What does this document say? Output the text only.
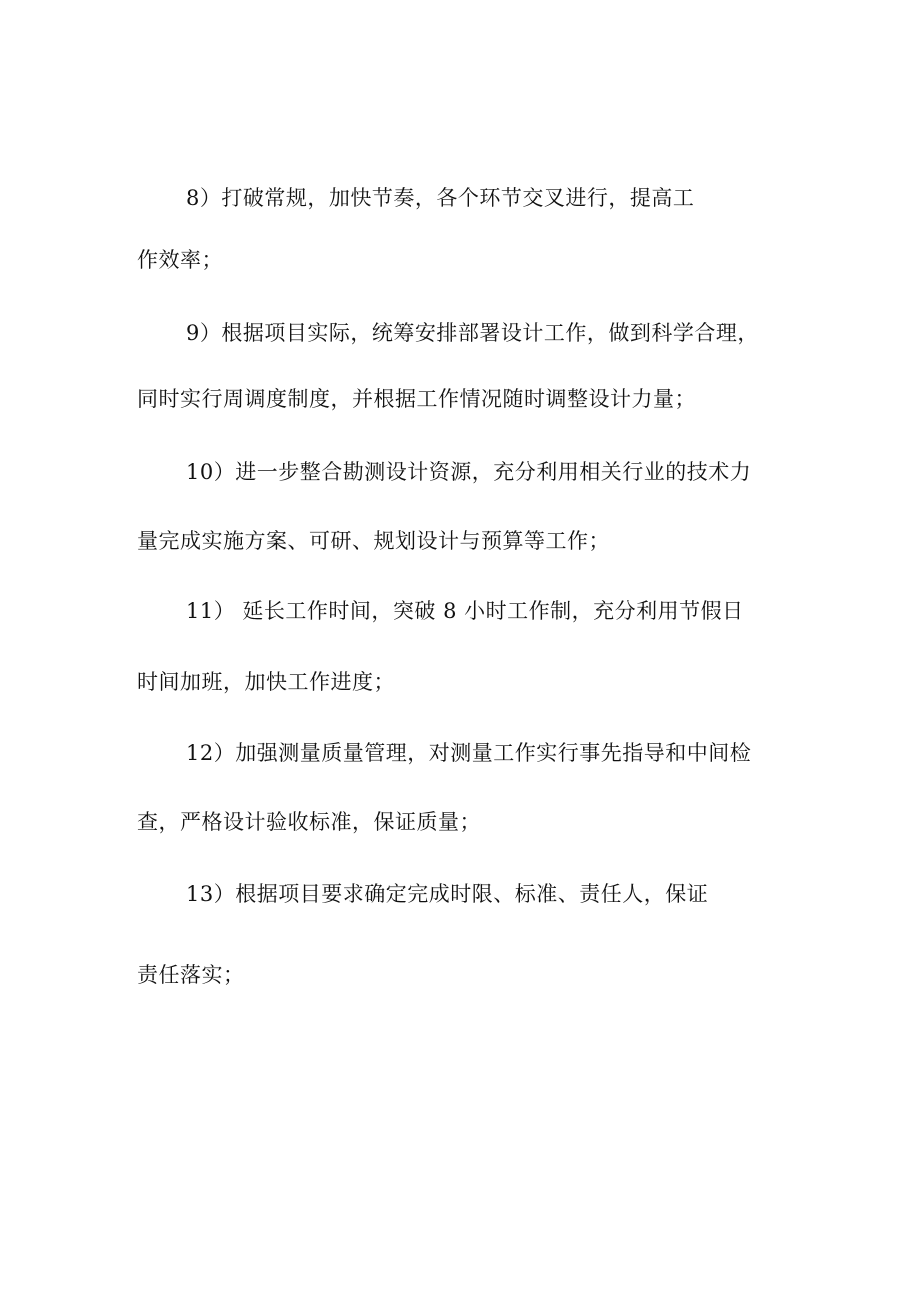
8）打破常规，加快节奏，各个环节交叉进行，提高工
作效率；
9）根据项目实际，统筹安排部署设计工作，做到科学合理，
同时实行周调度制度，并根据工作情况随时调整设计力量；
10）进一步整合勘测设计资源，充分利用相关行业的技术力
量完成实施方案、可研、规划设计与预算等工作；
11） 延长工作时间，突破 8 小时工作制，充分利用节假日
时间加班，加快工作进度；
12）加强测量质量管理，对测量工作实行事先指导和中间检
查，严格设计验收标准，保证质量；
13）根据项目要求确定完成时限、标准、责任人，保证
责任落实；
